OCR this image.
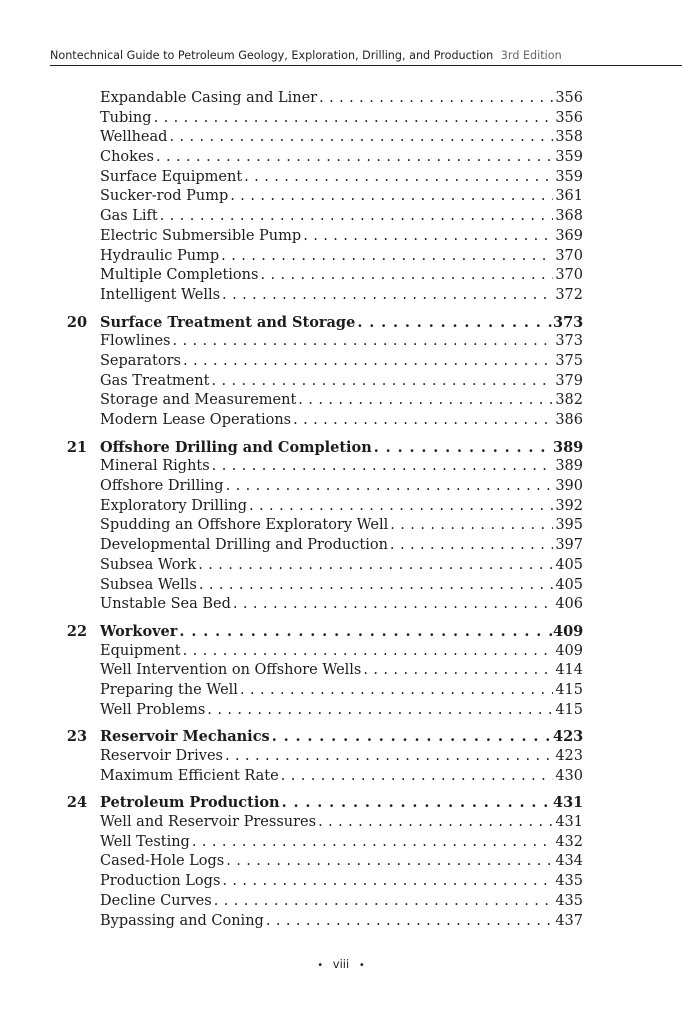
Nontechnical Guide to Petroleum Geology, Exploration, Drilling, and Production 3rd Edition
Expandable Casing and Liner . . .	356
Tubing . . .	356
Wellhead . . .	358
Chokes . . .	359
Surface Equipment . . .	359
Sucker-rod Pump . . .	361
Gas Lift . . .	368
Electric Submersible Pump . . .	369
Hydraulic Pump . . .	370
Multiple Completions . . .	370
Intelligent Wells . . .	372
20 Surface Treatment and Storage . . .	373
Flowlines . . .	373
Separators . . .	375
Gas Treatment . . .	379
Storage and Measurement . . .	382
Modern Lease Operations . . .	386
21 Offshore Drilling and Completion . . .	389
Mineral Rights . . .	389
Offshore Drilling . . .	390
Exploratory Drilling . . .	392
Spudding an Offshore Exploratory Well . . .	395
Developmental Drilling and Production . . .	397
Subsea Work . . .	405
Subsea Wells . . .	405
Unstable Sea Bed . . .	406
22 Workover . . .	409
Equipment . . .	409
Well Intervention on Offshore Wells . . .	414
Preparing the Well . . .	415
Well Problems . . .	415
23 Reservoir Mechanics . . .	423
Reservoir Drives . . .	423
Maximum Efficient Rate . . .	430
24 Petroleum Production . . .	431
Well and Reservoir Pressures . . .	431
Well Testing . . .	432
Cased-Hole Logs . . .	434
Production Logs . . .	435
Decline Curves . . .	435
Bypassing and Coning . . .	437
• viii •
